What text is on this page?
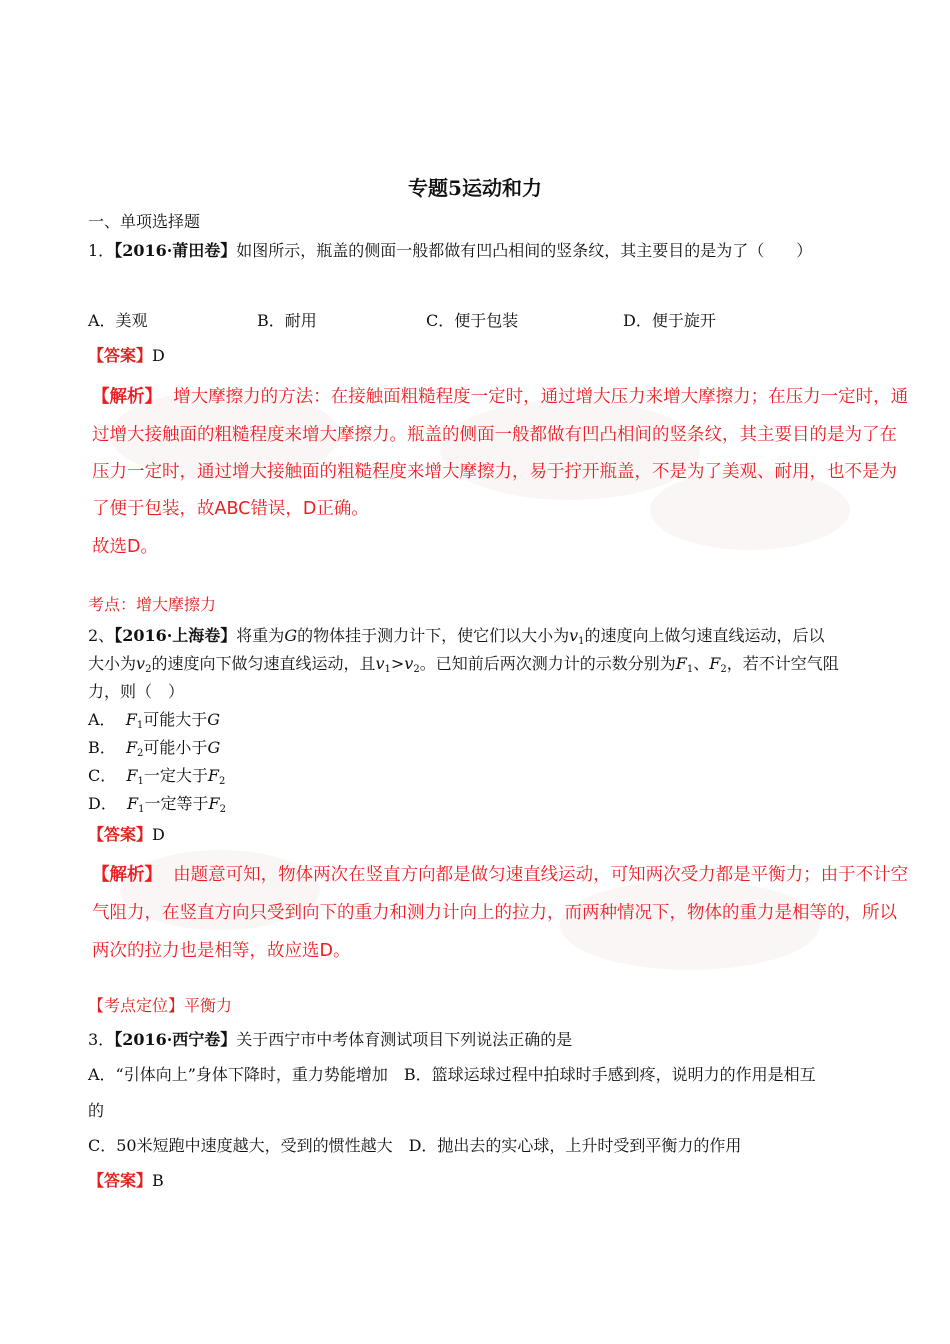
专题5运动和力
一、单项选择题
1．【2016·莆田卷】如图所示，瓶盖的侧面一般都做有凹凸相间的竖条纹，其主要目的是为了（　　）
A．美观	B．耐用	C．便于包装	D．便于旋开
【答案】D
【解析】 增大摩擦力的方法：在接触面粗糙程度一定时，通过增大压力来增大摩擦力；在压力一定时，通
过增大接触面的粗糙程度来增大摩擦力。瓶盖的侧面一般都做有凹凸相间的竖条纹，其主要目的是为了在
压力一定时，通过增大接触面的粗糙程度来增大摩擦力，易于拧开瓶盖，不是为了美观、耐用，也不是为
了便于包装，故ABC错误，D正确。
故选D。
考点：增大摩擦力
2、【2016·上海卷】将重为G的物体挂于测力计下，使它们以大小为$v_1$的速度向上做匀速直线运动，后以
大小为$v_2$的速度向下做匀速直线运动，且$v_1>v_2$。已知前后两次测力计的示数分别为$F_1$、$F_2$，若不计空气阻
力，则（　）
A． $F_1$可能大于G
B． $F_2$可能小于G
C． $F_1$一定大于$F_2$
D． $F_1$一定等于$F_2$
【答案】D
【解析】 由题意可知，物体两次在竖直方向都是做匀速直线运动，可知两次受力都是平衡力；由于不计空
气阻力，在竖直方向只受到向下的重力和测力计向上的拉力，而两种情况下，物体的重力是相等的，所以
两次的拉力也是相等，故应选D。
【考点定位】平衡力
3．【2016·西宁卷】关于西宁市中考体育测试项目下列说法正确的是
A．“引体向上”身体下降时，重力势能增加　B．篮球运球过程中拍球时手感到疼，说明力的作用是相互
的
C．50米短跑中速度越大，受到的惯性越大　D．抛出去的实心球，上升时受到平衡力的作用
【答案】B
